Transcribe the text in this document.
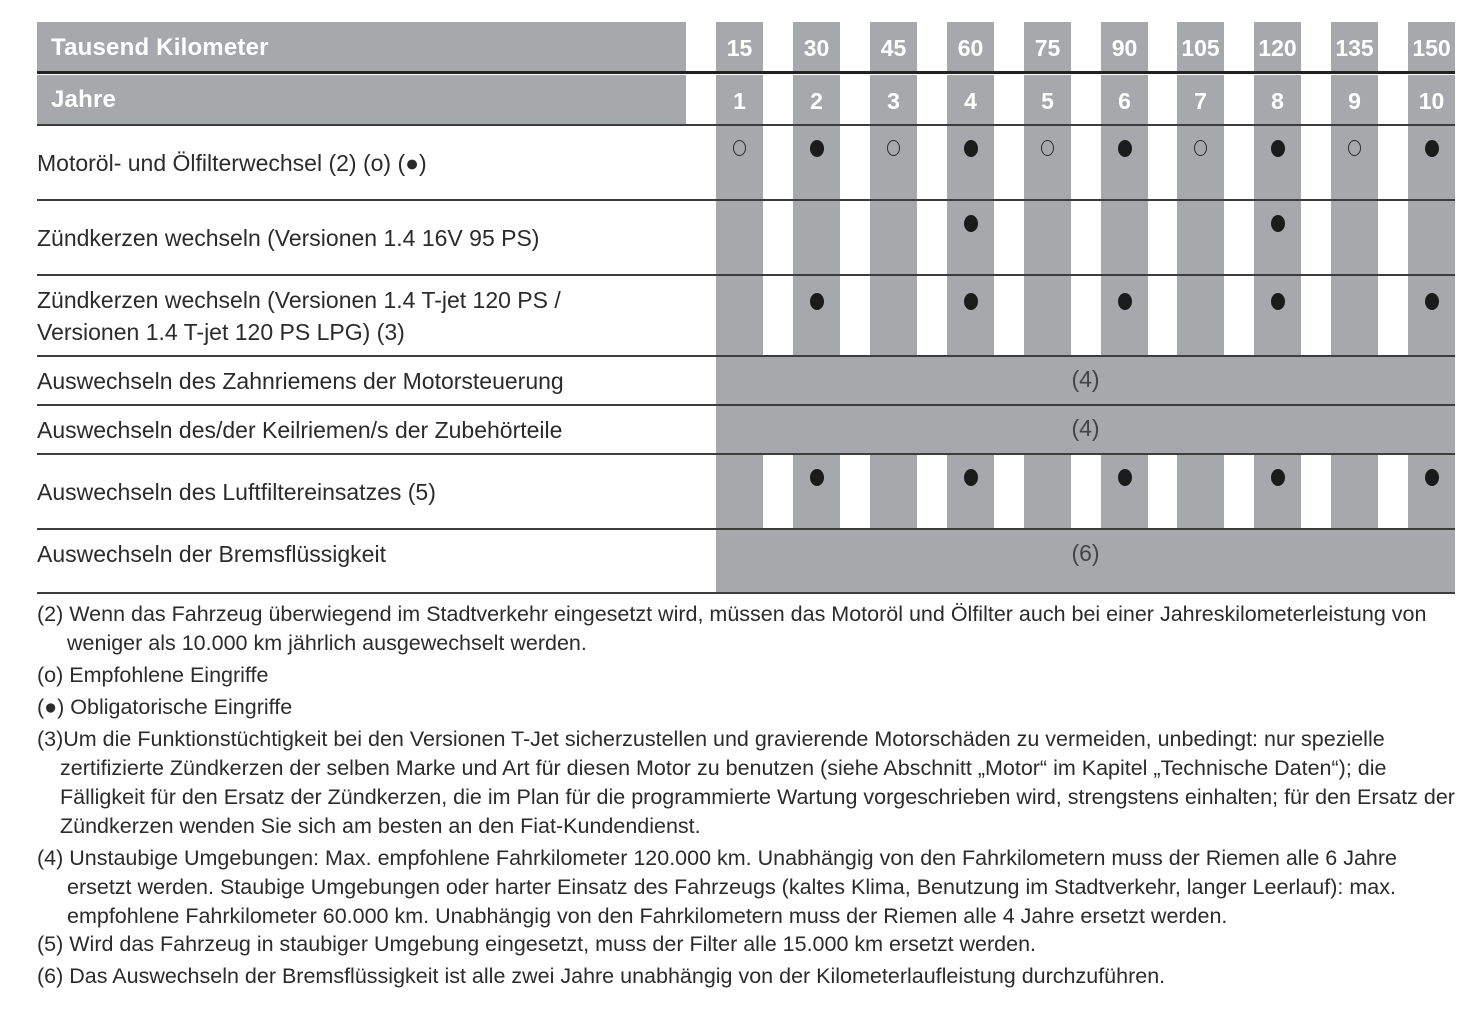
Tausend Kilometer
Jahre
15
1
30
2
45
3
60
4
75
5
90
6
105
7
120
8
135
9
150
10
Motoröl- und Ölfilterwechsel (2) (o) (●)
Zündkerzen wechseln (Versionen 1.4 16V 95 PS)
Zündkerzen wechseln (Versionen 1.4 T-jet 120 PS /
Versionen 1.4 T-jet 120 PS LPG) (3)
Auswechseln des Zahnriemens der Motorsteuerung
Auswechseln des/der Keilriemen/s der Zubehörteile
Auswechseln des Luftfiltereinsatzes (5)
Auswechseln der Bremsflüssigkeit
(4)
(4)
(6)
(2) Wenn das Fahrzeug überwiegend im Stadtverkehr eingesetzt wird, müssen das Motoröl und Ölfilter auch bei einer Jahreskilometerleistung von weniger als 10.000 km jährlich ausgewechselt werden.
(o) Empfohlene Eingriffe
(●) Obligatorische Eingriffe
(3)Um die Funktionstüchtigkeit bei den Versionen T-Jet sicherzustellen und gravierende Motorschäden zu vermeiden, unbedingt: nur spezielle zertifizierte Zündkerzen der selben Marke und Art für diesen Motor zu benutzen (siehe Abschnitt „Motor“ im Kapitel „Technische Daten“); die Fälligkeit für den Ersatz der Zündkerzen, die im Plan für die programmierte Wartung vorgeschrieben wird, strengstens einhalten; für den Ersatz der Zündkerzen wenden Sie sich am besten an den Fiat-Kundendienst.
(4) Unstaubige Umgebungen: Max. empfohlene Fahrkilometer 120.000 km. Unabhängig von den Fahrkilometern muss der Riemen alle 6 Jahre ersetzt werden. Staubige Umgebungen oder harter Einsatz des Fahrzeugs (kaltes Klima, Benutzung im Stadtverkehr, langer Leerlauf): max. empfohlene Fahrkilometer 60.000 km. Unabhängig von den Fahrkilometern muss der Riemen alle 4 Jahre ersetzt werden.
(5) Wird das Fahrzeug in staubiger Umgebung eingesetzt, muss der Filter alle 15.000 km ersetzt werden.
(6) Das Auswechseln der Bremsflüssigkeit ist alle zwei Jahre unabhängig von der Kilometerlaufleistung durchzuführen.
